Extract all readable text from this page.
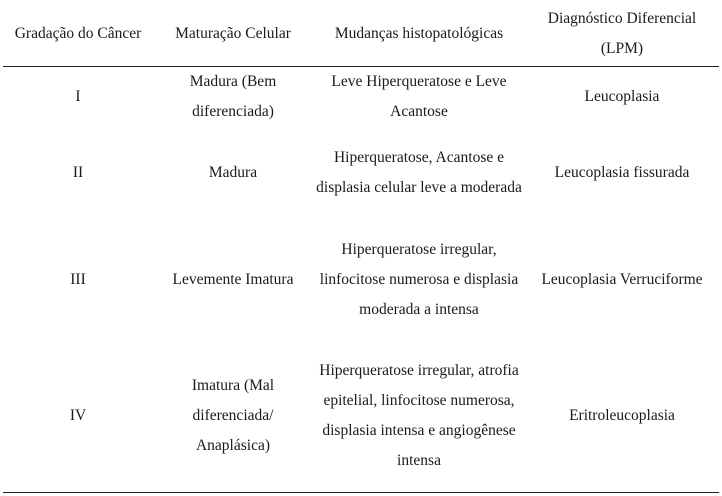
Gradação do Câncer	Maturação Celular	Mudanças histopatológicas	Diagnóstico Diferencial (LPM)

I	Madura (Bem diferenciada)	Leve Hiperqueratose e Leve Acantose	Leucoplasia
II	Madura	Hiperqueratose, Acantose e displasia celular leve a moderada	Leucoplasia fissurada
III	Levemente Imatura	Hiperqueratose irregular, linfocitose numerosa e displasia moderada a intensa	Leucoplasia Verruciforme
IV	Imatura (Mal diferenciada/ Anaplásica)	Hiperqueratose irregular, atrofia epitelial, linfocitose numerosa, displasia intensa e angiogênese intensa	Eritroleucoplasia
